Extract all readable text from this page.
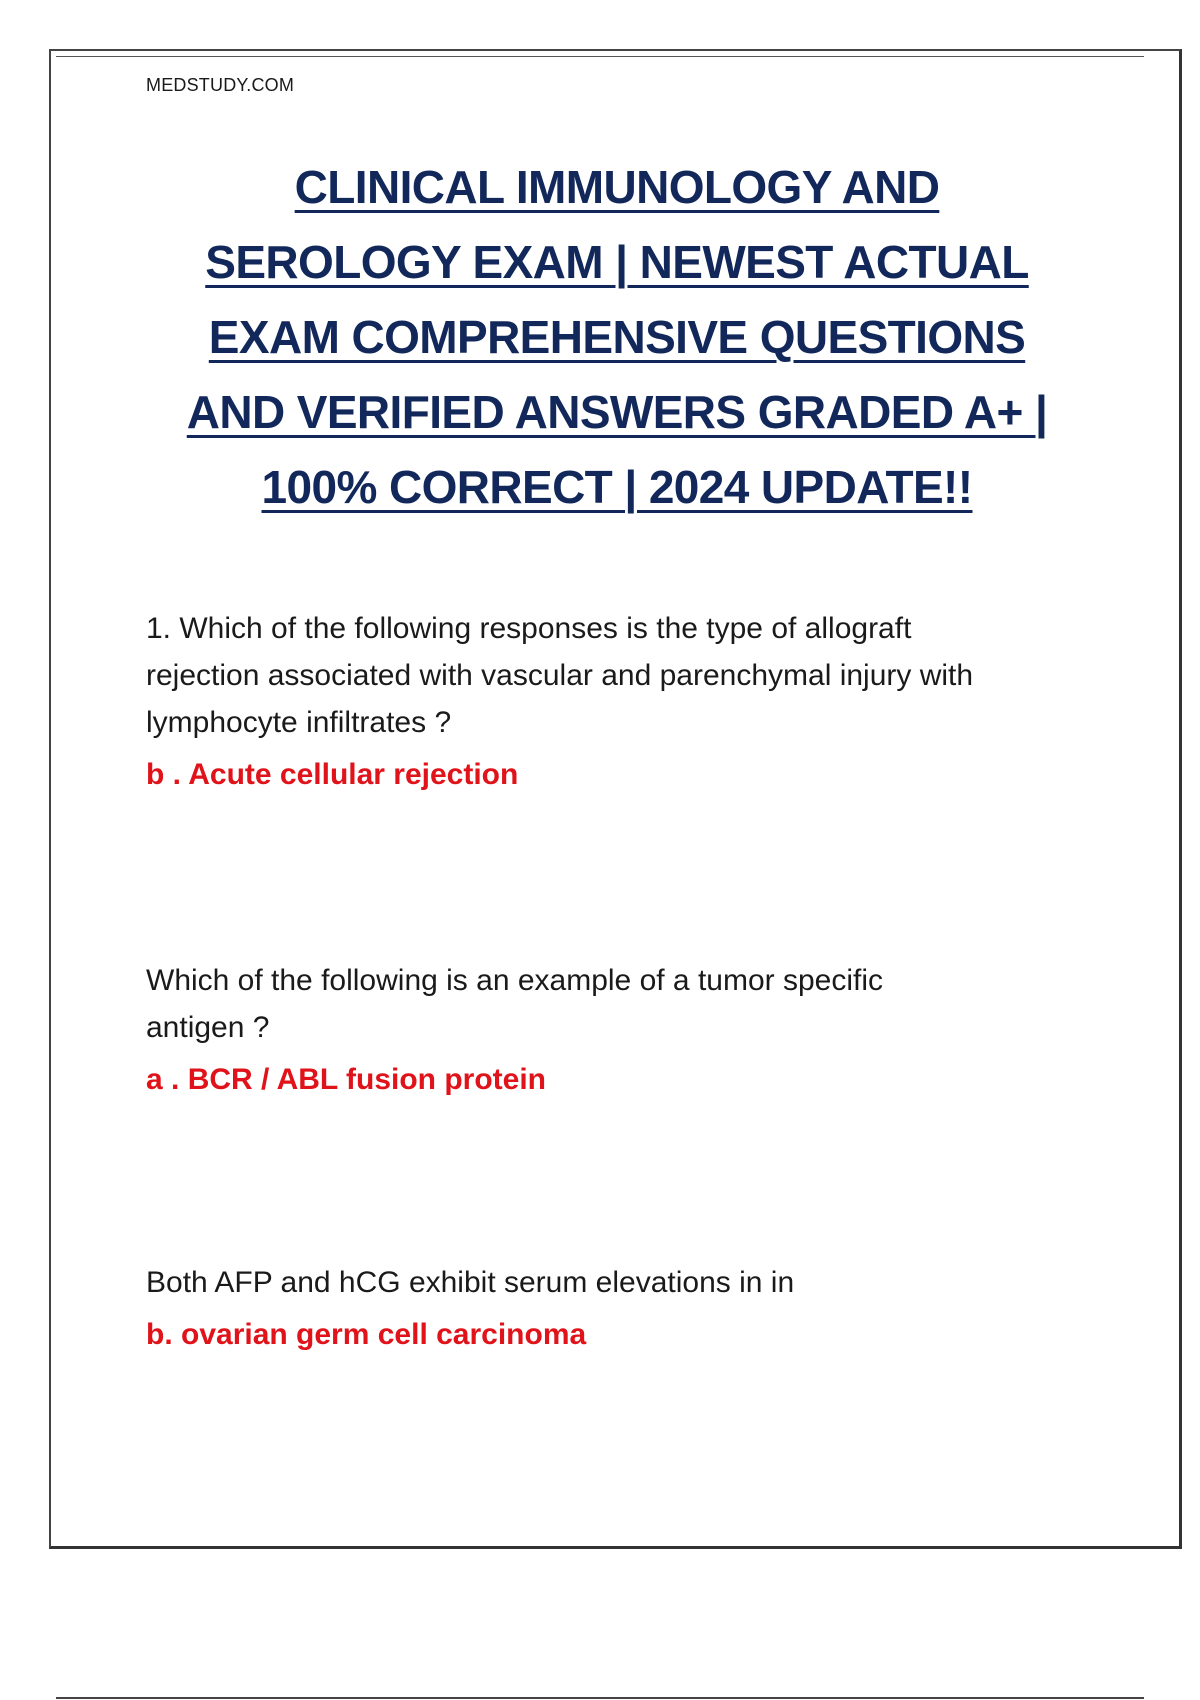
MEDSTUDY.COM
CLINICAL IMMUNOLOGY AND
SEROLOGY EXAM | NEWEST ACTUAL
EXAM COMPREHENSIVE QUESTIONS
AND VERIFIED ANSWERS GRADED A+ |
100% CORRECT | 2024 UPDATE!!
1. Which of the following responses is the type of allograft
rejection associated with vascular and parenchymal injury with
lymphocyte infiltrates ?
b . Acute cellular rejection
Which of the following is an example of a tumor specific
antigen ?
a . BCR / ABL fusion protein
Both AFP and hCG exhibit serum elevations in in
b. ovarian germ cell carcinoma
